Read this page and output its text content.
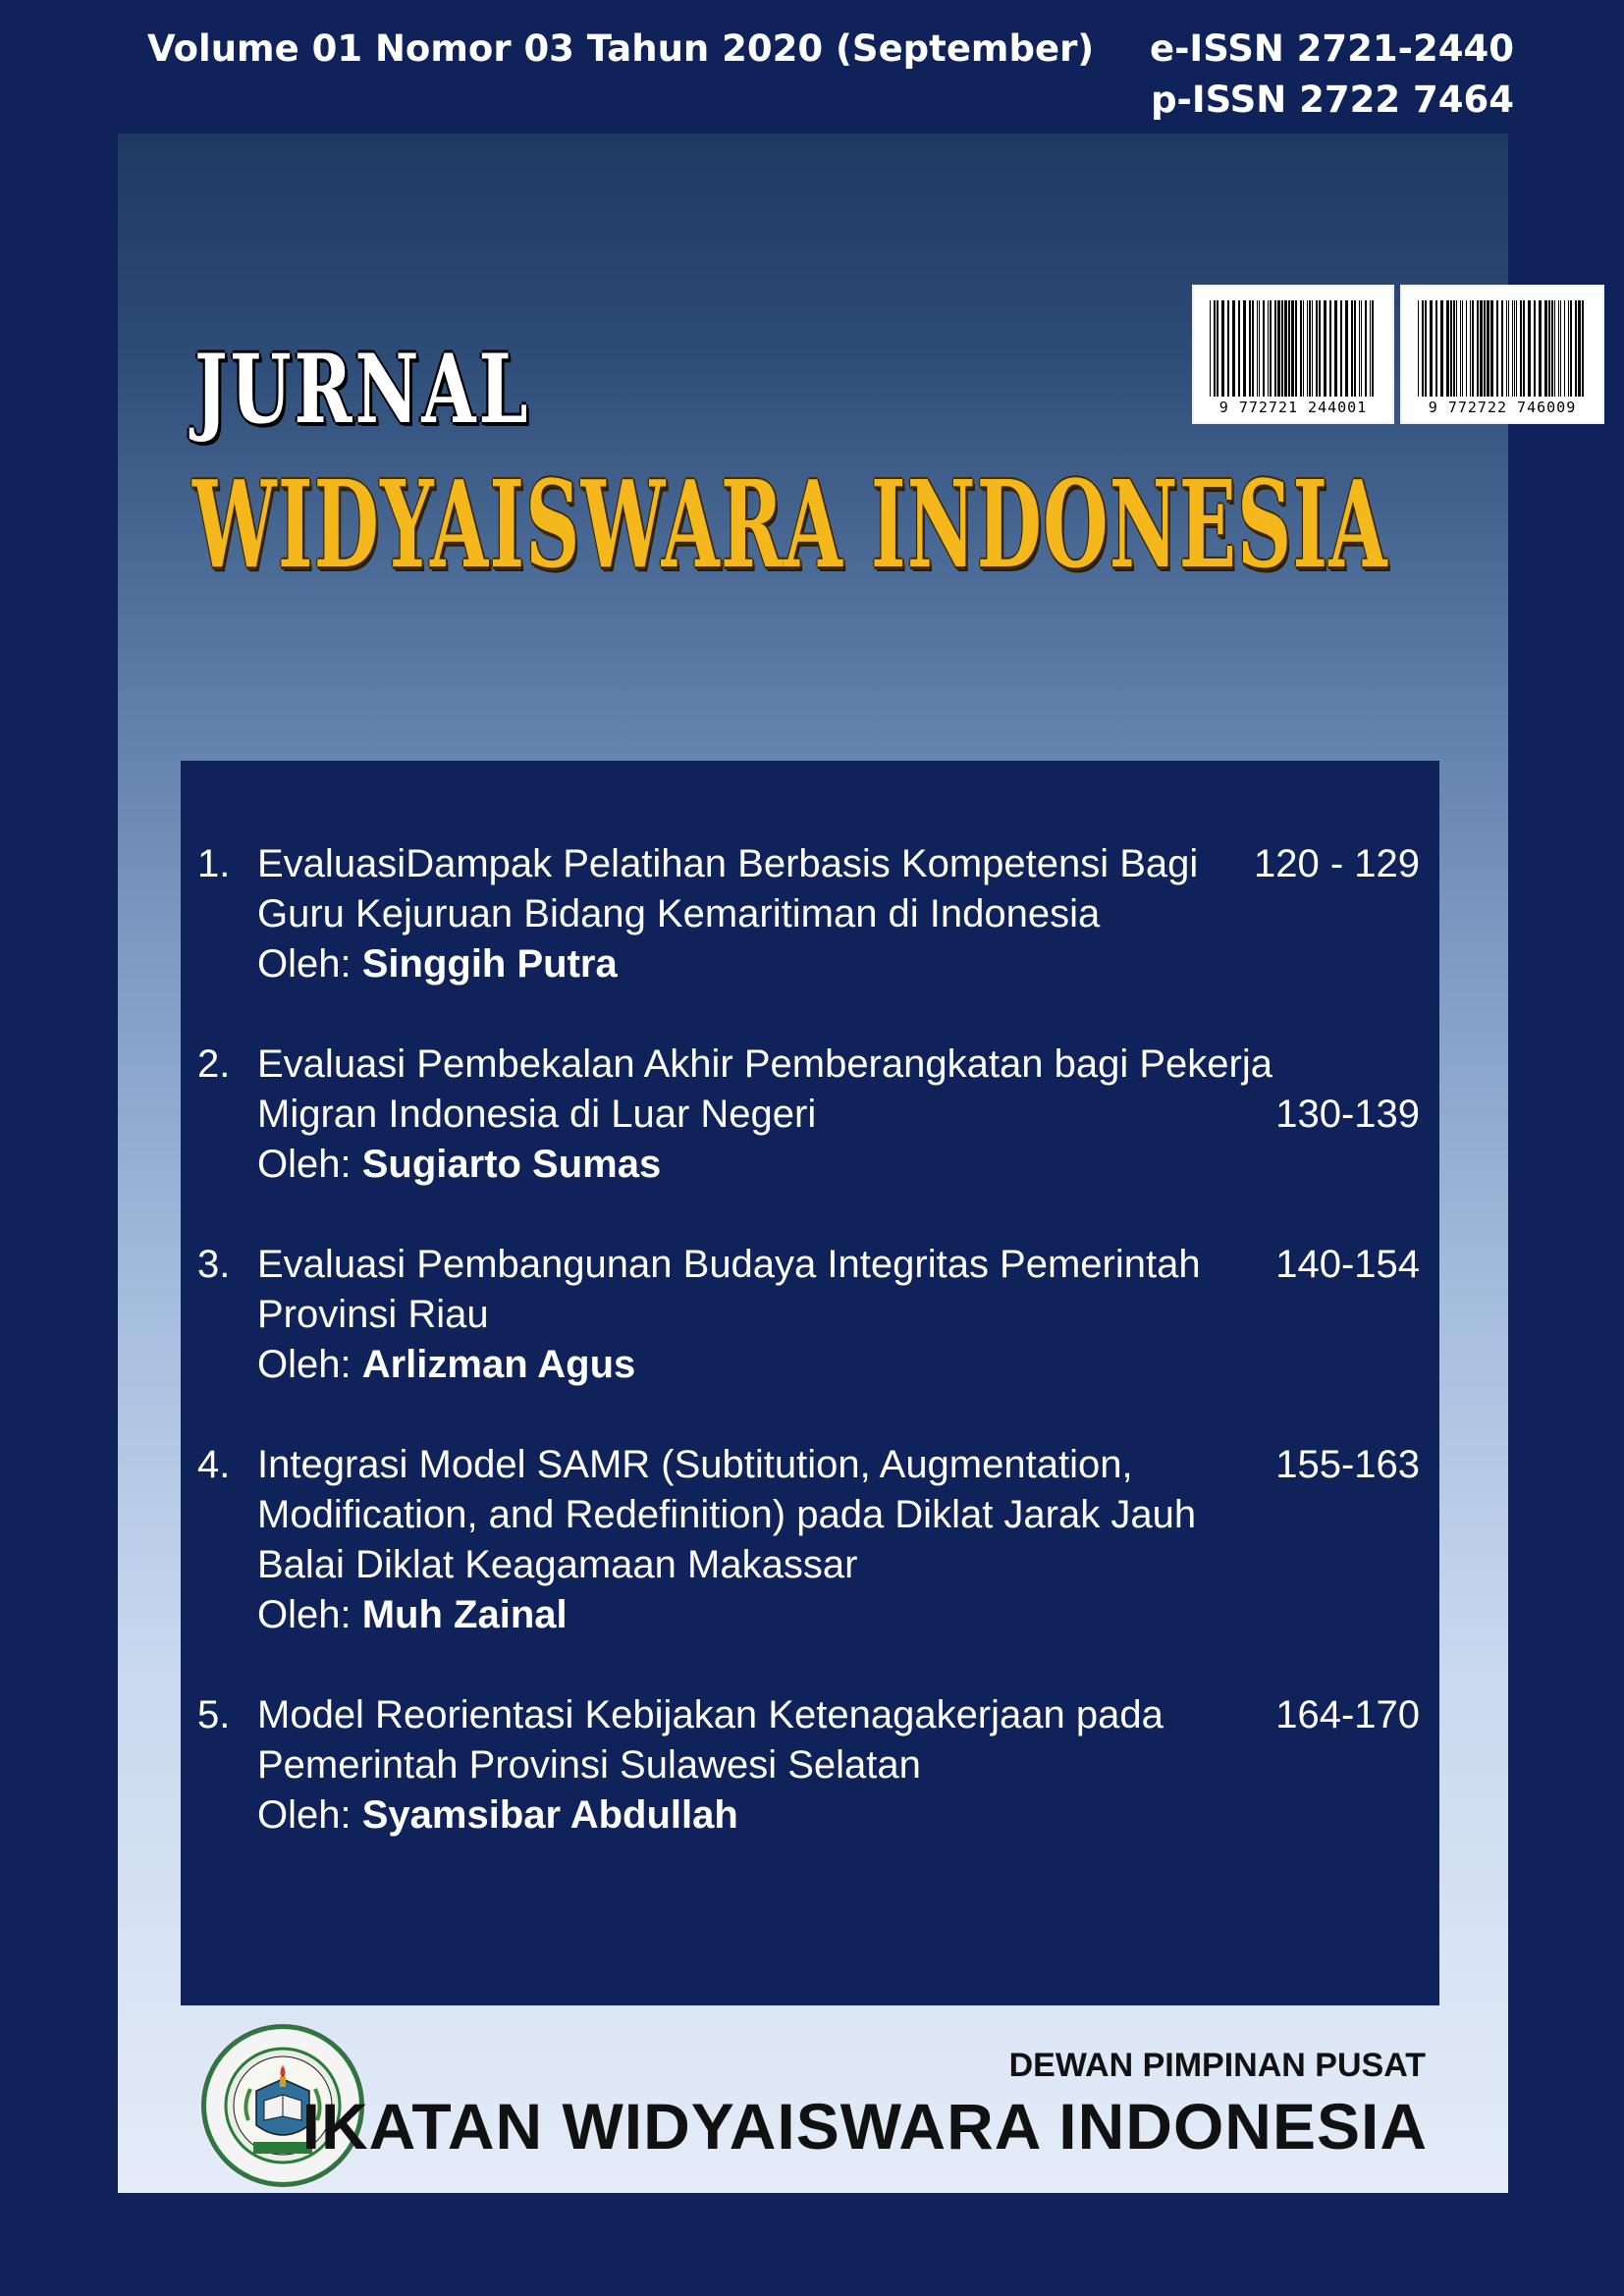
Volume 01 Nomor 03 Tahun 2020 (September) e-ISSN 2721-2440
p-ISSN 2722 7464
9 772721 244001	9 772722 746009
JURNAL
WIDYAISWARA INDONESIA
1. EvaluasiDampak Pelatihan Berbasis Kompetensi Bagi
Guru Kejuruan Bidang Kemaritiman di Indonesia
Oleh: Singgih Putra
120 - 129
2. Evaluasi Pembekalan Akhir Pemberangkatan bagi Pekerja
Migran Indonesia di Luar Negeri
Oleh: Sugiarto Sumas
130-139
3. Evaluasi Pembangunan Budaya Integritas Pemerintah
Provinsi Riau
Oleh: Arlizman Agus
140-154
4. Integrasi Model SAMR (Subtitution, Augmentation,
Modification, and Redefinition) pada Diklat Jarak Jauh
Balai Diklat Keagamaan Makassar
Oleh: Muh Zainal
155-163
5. Model Reorientasi Kebijakan Ketenagakerjaan pada
Pemerintah Provinsi Sulawesi Selatan
Oleh: Syamsibar Abdullah
164-170
DEWAN PIMPINAN PUSAT
IKATAN WIDYAISWARA INDONESIA
